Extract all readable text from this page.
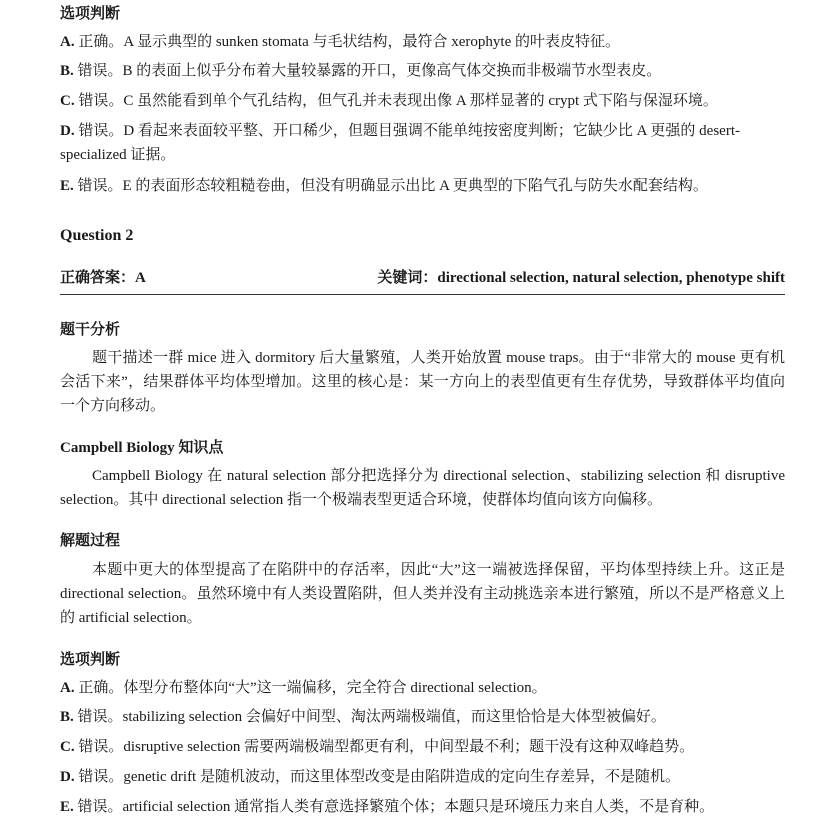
选项判断
A. 正确。A 显示典型的 sunken stomata 与毛状结构，最符合 xerophyte 的叶表皮特征。
B. 错误。B 的表面上似乎分布着大量较暴露的开口，更像高气体交换而非极端节水型表皮。
C. 错误。C 虽然能看到单个气孔结构，但气孔并未表现出像 A 那样显著的 crypt 式下陷与保湿环境。
D. 错误。D 看起来表面较平整、开口稀少，但题目强调不能单纯按密度判断；它缺少比 A 更强的 desert-specialized 证据。
E. 错误。E 的表面形态较粗糙卷曲，但没有明确显示出比 A 更典型的下陷气孔与防失水配套结构。
Question 2
正确答案：A	关键词：directional selection, natural selection, phenotype shift
题干分析
题干描述一群 mice 进入 dormitory 后大量繁殖，人类开始放置 mouse traps。由于“非常大的 mouse 更有机会活下来”，结果群体平均体型增加。这里的核心是：某一方向上的表型值更有生存优势，导致群体平均值向一个方向移动。
Campbell Biology 知识点
Campbell Biology 在 natural selection 部分把选择分为 directional selection、stabilizing selection 和 disruptive selection。其中 directional selection 指一个极端表型更适合环境，使群体均值向该方向偏移。
解题过程
本题中更大的体型提高了在陷阱中的存活率，因此“大”这一端被选择保留，平均体型持续上升。这正是 directional selection。虽然环境中有人类设置陷阱，但人类并没有主动挑选亲本进行繁殖，所以不是严格意义上的 artificial selection。
选项判断
A. 正确。体型分布整体向“大”这一端偏移，完全符合 directional selection。
B. 错误。stabilizing selection 会偏好中间型、淘汰两端极端值，而这里恰恰是大体型被偏好。
C. 错误。disruptive selection 需要两端极端型都更有利，中间型最不利；题干没有这种双峰趋势。
D. 错误。genetic drift 是随机波动，而这里体型改变是由陷阱造成的定向生存差异，不是随机。
E. 错误。artificial selection 通常指人类有意选择繁殖个体；本题只是环境压力来自人类，不是育种。
